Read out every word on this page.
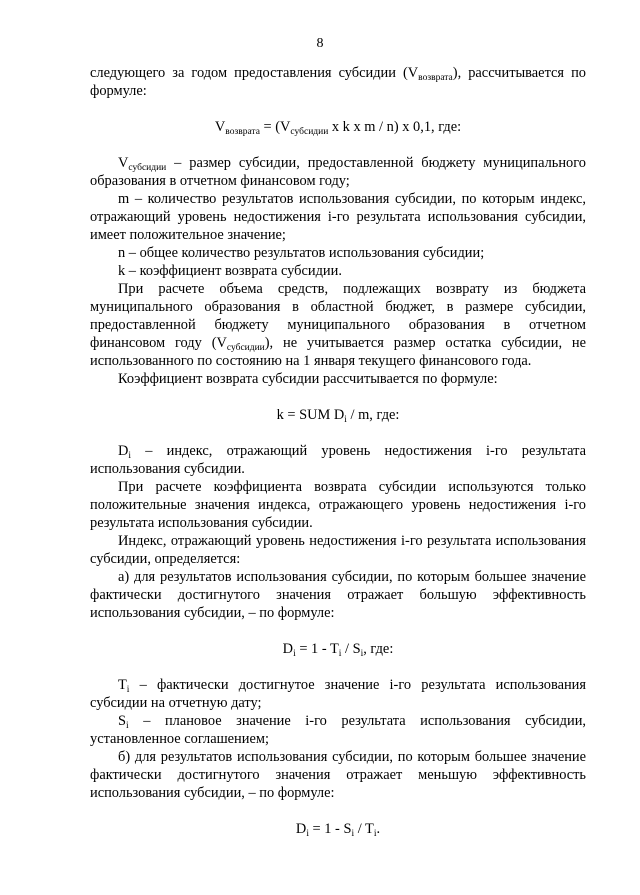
8

следующего за годом предоставления субсидии $(V_{возврата})$, рассчитывается по формуле:

$V_{возврата} = (V_{субсидии}$ x k x m / n) x 0,1, где:

$V_{субсидии}$ – размер субсидии, предоставленной бюджету муниципального образования в отчетном финансовом году;

m – количество результатов использования субсидии, по которым индекс, отражающий уровень недостижения i-го результата использования субсидии, имеет положительное значение;

n – общее количество результатов использования субсидии;

k – коэффициент возврата субсидии.

При расчете объема средств, подлежащих возврату из бюджета муниципального образования в областной бюджет, в размере субсидии, предоставленной бюджету муниципального образования в отчетном финансовом году $(V_{субсидии})$, не учитывается размер остатка субсидии, не использованного по состоянию на 1 января текущего финансового года.

Коэффициент возврата субсидии рассчитывается по формуле:

k = SUM $D_i$ / m, где:

$D_i$ – индекс, отражающий уровень недостижения i-го результата использования субсидии.

При расчете коэффициента возврата субсидии используются только положительные значения индекса, отражающего уровень недостижения i-го результата использования субсидии.

Индекс, отражающий уровень недостижения i-го результата использования субсидии, определяется:

а) для результатов использования субсидии, по которым большее значение фактически достигнутого значения отражает большую эффективность использования субсидии, – по формуле:

$D_i = 1 - T_i / S_i$, где:

$T_i$ – фактически достигнутое значение i-го результата использования субсидии на отчетную дату;

$S_i$ – плановое значение i-го результата использования субсидии, установленное соглашением;

б) для результатов использования субсидии, по которым большее значение фактически достигнутого значения отражает меньшую эффективность использования субсидии, – по формуле:

$D_i = 1 - S_i / T_i$.
